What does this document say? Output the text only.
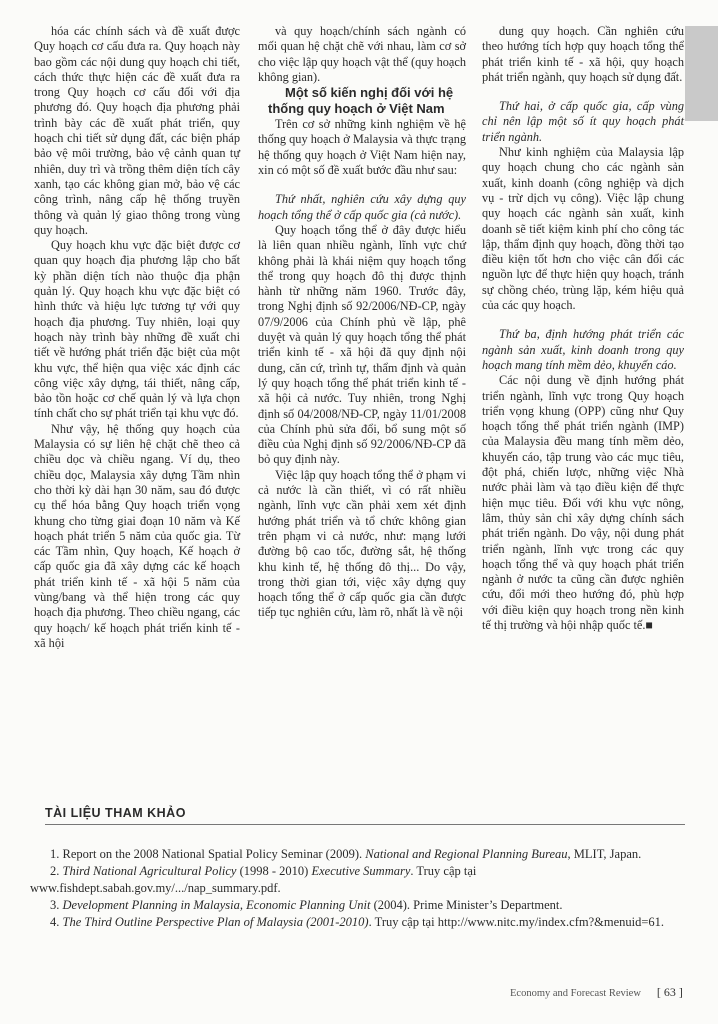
hóa các chính sách và đề xuất được Quy hoạch cơ cấu đưa ra. Quy hoạch này bao gồm các nội dung quy hoạch chi tiết, cách thức thực hiện các đề xuất đưa ra trong Quy hoạch cơ cấu đối với địa phương đó. Quy hoạch địa phương phải trình bày các đề xuất phát triển, quy hoạch chi tiết sử dụng đất, các biện pháp bảo vệ môi trường, bảo vệ cảnh quan tự nhiên, duy trì và trồng thêm diện tích cây xanh, tạo các không gian mở, bảo vệ các công trình, nâng cấp hệ thống truyền thông và quản lý giao thông trong vùng quy hoạch.

Quy hoạch khu vực đặc biệt được cơ quan quy hoạch địa phương lập cho bất kỳ phần diện tích nào thuộc địa phận quản lý. Quy hoạch khu vực đặc biệt có hình thức và hiệu lực tương tự với quy hoạch địa phương. Tuy nhiên, loại quy hoạch này trình bày những đề xuất chi tiết về hướng phát triển đặc biệt của một khu vực, thể hiện qua việc xác định các công việc xây dựng, tái thiết, nâng cấp, bảo tồn hoặc cơ chế quản lý và lựa chọn tính chất cho sự phát triển tại khu vực đó.

Như vậy, hệ thống quy hoạch của Malaysia có sự liên hệ chặt chẽ theo cả chiều dọc và chiều ngang. Ví dụ, theo chiều dọc, Malaysia xây dựng Tầm nhìn cho thời kỳ dài hạn 30 năm, sau đó được cụ thể hóa bằng Quy hoạch triển vọng khung cho từng giai đoạn 10 năm và Kế hoạch phát triển 5 năm của quốc gia. Từ các Tầm nhìn, Quy hoạch, Kế hoạch ở cấp quốc gia đã xây dựng các kế hoạch phát triển kinh tế - xã hội 5 năm của vùng/bang và thể hiện trong các quy hoạch địa phương. Theo chiều ngang, các quy hoạch/ kế hoạch phát triển kinh tế - xã hội

và quy hoạch/chính sách ngành có mối quan hệ chặt chẽ với nhau, làm cơ sở cho việc lập quy hoạch vật thể (quy hoạch không gian).

Một số kiến nghị đối với hệ thống quy hoạch ở Việt Nam

Trên cơ sở những kinh nghiệm về hệ thống quy hoạch ở Malaysia và thực trạng hệ thống quy hoạch ở Việt Nam hiện nay, xin có một số đề xuất bước đầu như sau:

Thứ nhất, nghiên cứu xây dựng quy hoạch tổng thể ở cấp quốc gia (cả nước).

Quy hoạch tổng thể ở đây được hiểu là liên quan nhiều ngành, lĩnh vực chứ không phải là khái niệm quy hoạch tổng thể trong quy hoạch đô thị được thịnh hành từ những năm 1960. Trước đây, trong Nghị định số 92/2006/NĐ-CP, ngày 07/9/2006 của Chính phủ về lập, phê duyệt và quản lý quy hoạch tổng thể phát triển kinh tế - xã hội đã quy định nội dung, căn cứ, trình tự, thẩm định và quản lý quy hoạch tổng thể phát triển kinh tế - xã hội cả nước. Tuy nhiên, trong Nghị định số 04/2008/NĐ-CP, ngày 11/01/2008 của Chính phủ sửa đổi, bổ sung một số điều của Nghị định số 92/2006/NĐ-CP đã bỏ quy định này.

Việc lập quy hoạch tổng thể ở phạm vi cả nước là cần thiết, vì có rất nhiều ngành, lĩnh vực cần phải xem xét định hướng phát triển và tổ chức không gian trên phạm vi cả nước, như: mạng lưới đường bộ cao tốc, đường sắt, hệ thống khu kinh tế, hệ thống đô thị... Do vậy, trong thời gian tới, việc xây dựng quy hoạch tổng thể ở cấp quốc gia cần được tiếp tục nghiên cứu, làm rõ, nhất là về nội

dung quy hoạch. Cần nghiên cứu theo hướng tích hợp quy hoạch tổng thể phát triển kinh tế - xã hội, quy hoạch phát triển ngành, quy hoạch sử dụng đất.

Thứ hai, ở cấp quốc gia, cấp vùng chỉ nên lập một số ít quy hoạch phát triển ngành.

Như kinh nghiệm của Malaysia lập quy hoạch chung cho các ngành sản xuất, kinh doanh (công nghiệp và dịch vụ - trừ dịch vụ công). Việc lập chung quy hoạch các ngành sản xuất, kinh doanh sẽ tiết kiệm kinh phí cho công tác lập, thẩm định quy hoạch, đồng thời tạo điều kiện tốt hơn cho việc cân đối các nguồn lực để thực hiện quy hoạch, tránh sự chồng chéo, trùng lặp, kém hiệu quả của các quy hoạch.

Thứ ba, định hướng phát triển các ngành sản xuất, kinh doanh trong quy hoạch mang tính mềm dẻo, khuyến cáo.

Các nội dung về định hướng phát triển ngành, lĩnh vực trong Quy hoạch triển vọng khung (OPP) cũng như Quy hoạch tổng thể phát triển ngành (IMP) của Malaysia đều mang tính mềm dẻo, khuyến cáo, tập trung vào các mục tiêu, đột phá, chiến lược, những việc Nhà nước phải làm và tạo điều kiện để thực hiện mục tiêu. Đối với khu vực nông, lâm, thủy sản chỉ xây dựng chính sách phát triển ngành. Do vậy, nội dung phát triển ngành, lĩnh vực trong các quy hoạch tổng thể và quy hoạch phát triển ngành ở nước ta cũng cần được nghiên cứu, đổi mới theo hướng đó, phù hợp với điều kiện quy hoạch trong nền kinh tế thị trường và hội nhập quốc tế.■

TÀI LIỆU THAM KHẢO

1. Report on the 2008 National Spatial Policy Seminar (2009). National and Regional Planning Bureau, MLIT, Japan.

2. Third National Agricultural Policy (1998 - 2010) Executive Summary. Truy cập tại www.fishdept.sabah.gov.my/.../nap_summary.pdf.

3. Development Planning in Malaysia, Economic Planning Unit (2004). Prime Minister’s Department.

4. The Third Outline Perspective Plan of Malaysia (2001-2010). Truy cập tại http://www.nitc.my/index.cfm?&menuid=61.

Economy and Forecast Review [ 63 ]
